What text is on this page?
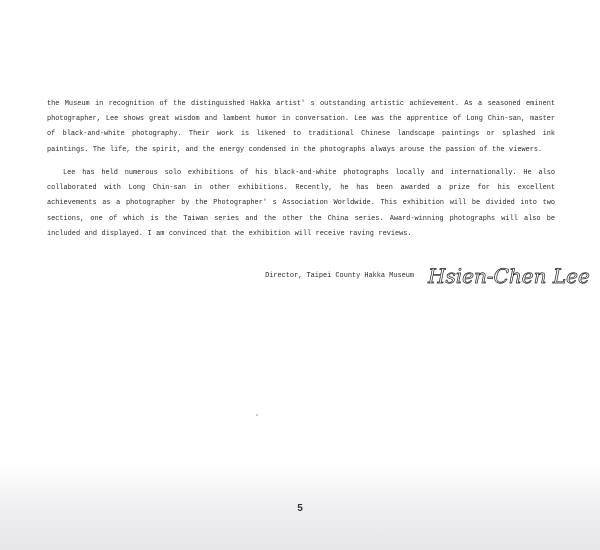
the Museum in recognition of the distinguished Hakka artist' s outstanding artistic achievement. As a seasoned eminent photographer, Lee shows great wisdom and lambent humor in conversation. Lee was the apprentice of Long Chin-san, master of black-and-white photography. Their work is likened to traditional Chinese landscape paintings or splashed ink paintings. The life, the spirit, and the energy condensed in the photographs always arouse the passion of the viewers.

Lee has held numerous solo exhibitions of his black-and-white photographs locally and internationally. He also collaborated with Long Chin-san in other exhibitions. Recently, he has been awarded a prize for his excellent achievements as a photographer by the Photographer' s Association Worldwide. This exhibition will be divided into two sections, one of which is the Taiwan series and the other the China series. Award-winning photographs will also be included and displayed. I am convinced that the exhibition will receive raving reviews.

Director, Taipei County Hakka Museum Hsien-Chen Lee
5
